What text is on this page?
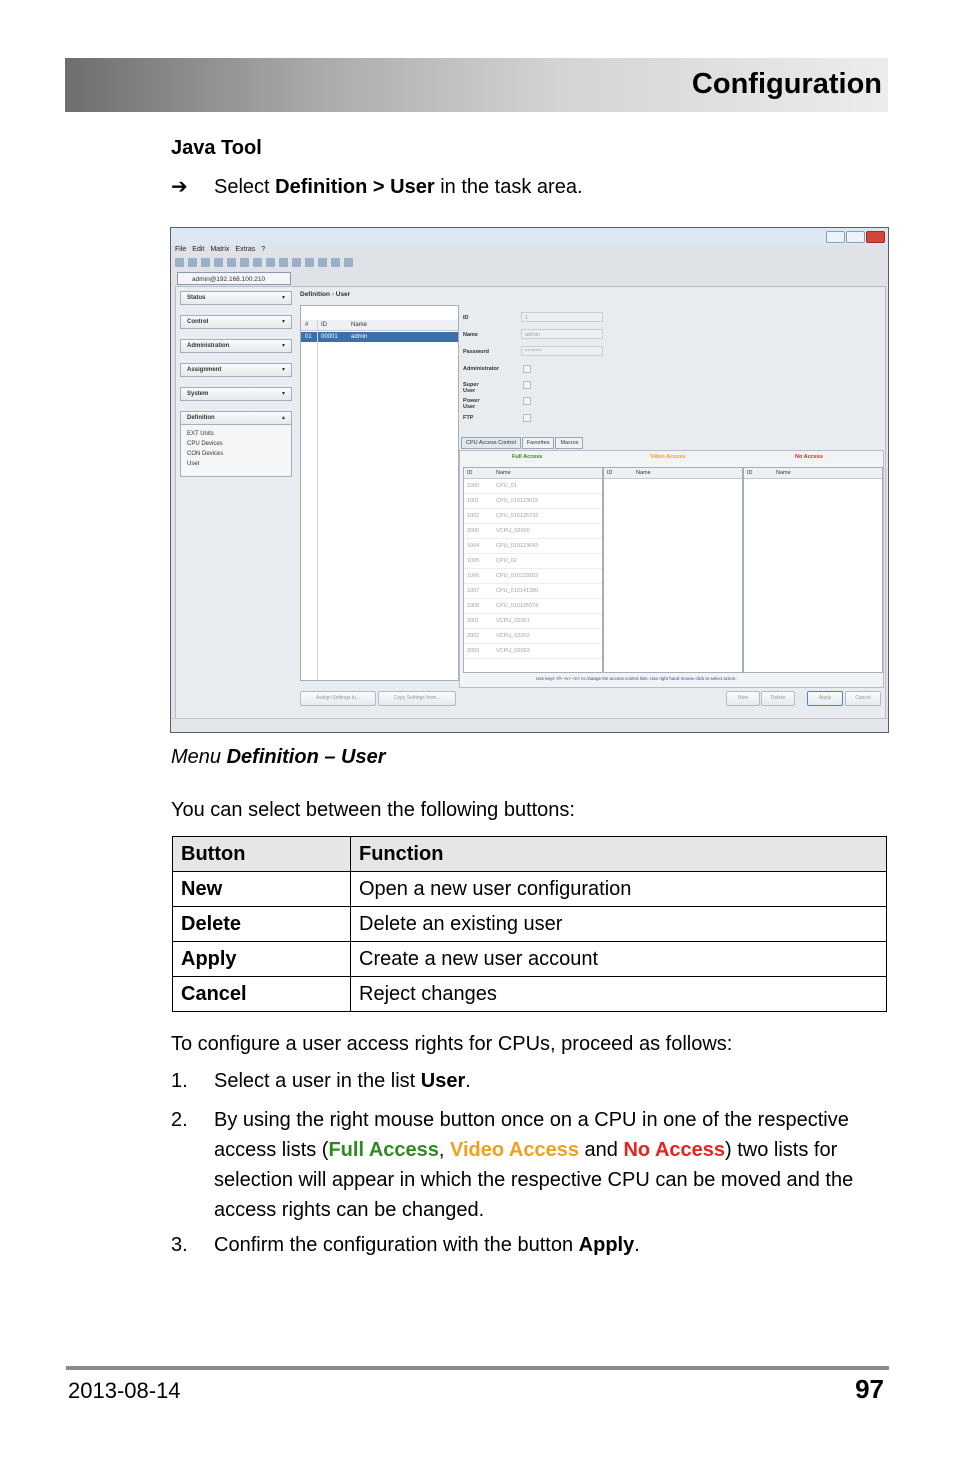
Configuration
Java Tool
➔ Select Definition > User in the task area.
File Edit Matrix Extras ?
admin@192.168.100.210
Status	▾
Control	▾
Administration	▾
Assignment	▾
System	▾
Definition	▴
EXT Units
CPU Devices
CON Devices
User
Definition - User
# ID	Name
01 00001 admin
ID	1
Name	admin
Password	********
Administrator
Super User
Power User
FTP
CPU Access Control	Favorites	Macros
Full Access	Video Access	No Access
ID	Name
1000	CPU_01
1001	CPU_010123615
1002	CPU_010135792
2000	VCPU_02000
1004	CPU_010123643
1005	CPU_02
1006	CPU_010129202
1007	CPU_010141380
1008	CPU_010135374
2001	VCPU_02001
2002	VCPU_02002
2003	VCPU_02003
ID	Name	ID	Name
Use keys <f> <v> <n> to change the access control lists. Use right hand mouse click to select action.
Assign Settings to...	Copy Settings from...	New	Delete	Apply	Cancel
Menu Definition – User
You can select between the following buttons:
Button	Function
New	Open a new user configuration
Delete	Delete an existing user
Apply	Create a new user account
Cancel	Reject changes
To configure a user access rights for CPUs, proceed as follows:
1.	Select a user in the list User.
2.	By using the right mouse button once on a CPU in one of the respective access lists (Full Access, Video Access and No Access) two lists for selection will appear in which the respective CPU can be moved and the access rights can be changed.
3.	Confirm the configuration with the button Apply.
2013-08-14	97
